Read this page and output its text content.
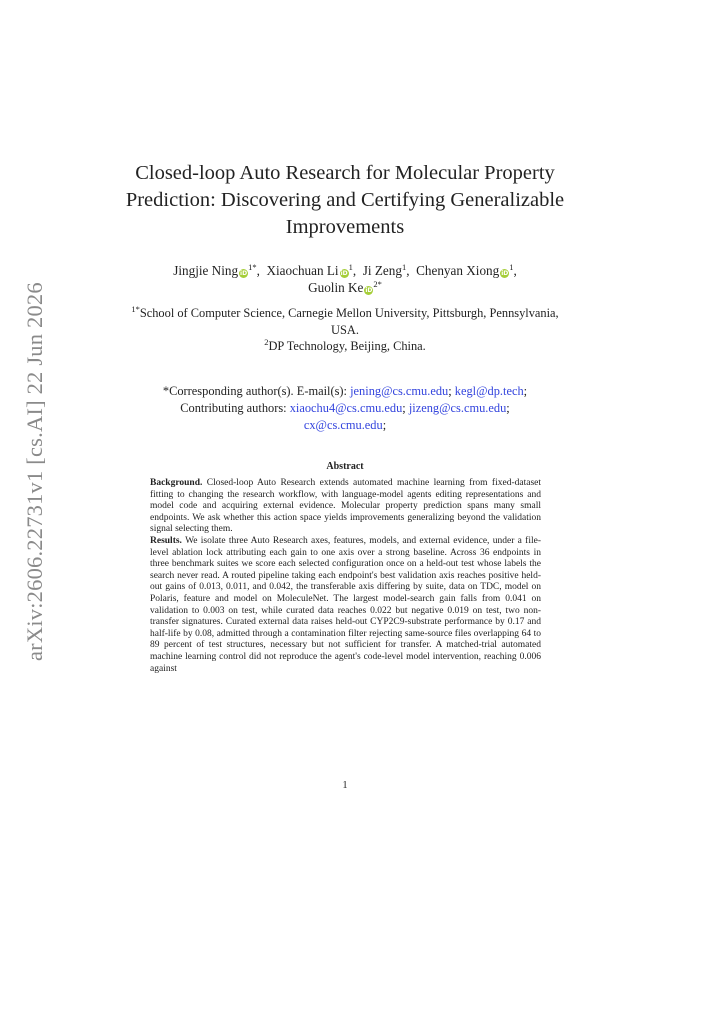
arXiv:2606.22731v1 [cs.AI] 22 Jun 2026
Closed-loop Auto Research for Molecular Property Prediction: Discovering and Certifying Generalizable Improvements
Jingjie Ning $iD^{1*}$,  Xiaochuan Li $iD^1$,  Ji Zeng$^1$,  Chenyan Xiong $iD^1$,
Guolin Ke $iD^{2*}$
$^{1*}$School of Computer Science, Carnegie Mellon University, Pittsburgh, Pennsylvania, USA.
$^2$DP Technology, Beijing, China.
*Corresponding author(s). E-mail(s): jening@cs.cmu.edu; kegl@dp.tech;
Contributing authors: xiaochu4@cs.cmu.edu; jizeng@cs.cmu.edu;
cx@cs.cmu.edu;
Abstract

Background. Closed-loop Auto Research extends automated machine learning from fixed-dataset fitting to changing the research workflow, with language-model agents editing representations and model code and acquiring external evidence. Molecular property prediction spans many small endpoints. We ask whether this action space yields improvements generalizing beyond the validation signal selecting them.

Results. We isolate three Auto Research axes, features, models, and external evidence, under a file-level ablation lock attributing each gain to one axis over a strong baseline. Across 36 endpoints in three benchmark suites we score each selected configuration once on a held-out test whose labels the search never read. A routed pipeline taking each endpoint's best validation axis reaches positive held-out gains of 0.013, 0.011, and 0.042, the transferable axis differing by suite, data on TDC, model on Polaris, feature and model on MoleculeNet. The largest model-search gain falls from 0.041 on validation to 0.003 on test, while curated data reaches 0.022 but negative 0.019 on test, two non-transfer signatures. Curated external data raises held-out CYP2C9-substrate performance by 0.17 and half-life by 0.08, admitted through a contamination filter rejecting same-source files overlapping 64 to 89 percent of test structures, necessary but not sufficient for transfer. A matched-trial automated machine learning control did not reproduce the agent's code-level model intervention, reaching 0.006 against

1
